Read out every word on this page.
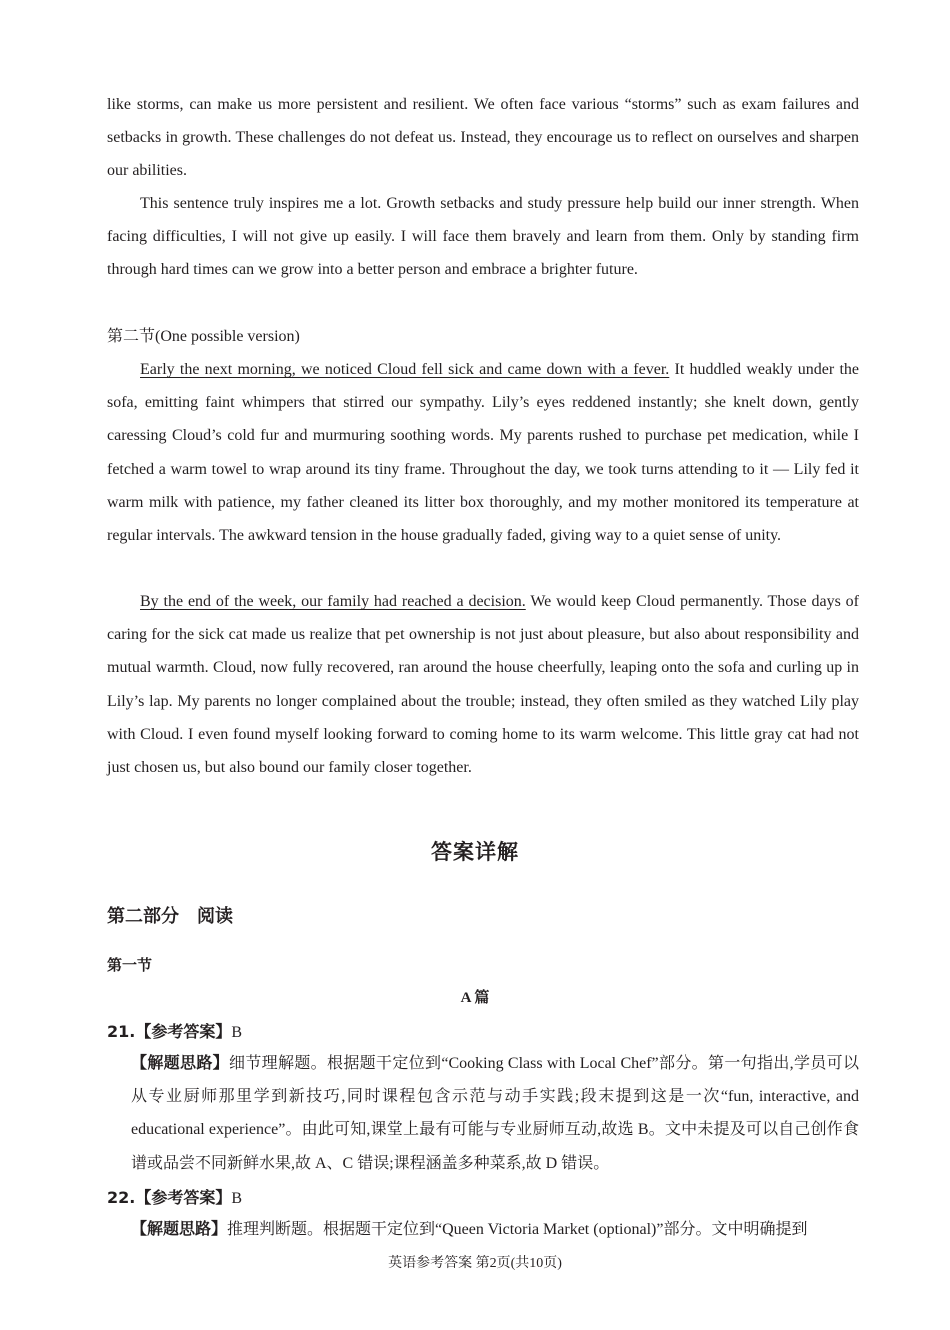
like storms, can make us more persistent and resilient. We often face various “storms” such as exam failures and setbacks in growth. These challenges do not defeat us. Instead, they encourage us to reflect on ourselves and sharpen our abilities.

This sentence truly inspires me a lot. Growth setbacks and study pressure help build our inner strength. When facing difficulties, I will not give up easily. I will face them bravely and learn from them. Only by standing firm through hard times can we grow into a better person and embrace a brighter future.

第二节(One possible version)

Early the next morning, we noticed Cloud fell sick and came down with a fever. It huddled weakly under the sofa, emitting faint whimpers that stirred our sympathy. Lily’s eyes reddened instantly; she knelt down, gently caressing Cloud’s cold fur and murmuring soothing words. My parents rushed to purchase pet medication, while I fetched a warm towel to wrap around its tiny frame. Throughout the day, we took turns attending to it — Lily fed it warm milk with patience, my father cleaned its litter box thoroughly, and my mother monitored its temperature at regular intervals. The awkward tension in the house gradually faded, giving way to a quiet sense of unity.

By the end of the week, our family had reached a decision. We would keep Cloud permanently. Those days of caring for the sick cat made us realize that pet ownership is not just about pleasure, but also about responsibility and mutual warmth. Cloud, now fully recovered, ran around the house cheerfully, leaping onto the sofa and curling up in Lily’s lap. My parents no longer complained about the trouble; instead, they often smiled as they watched Lily play with Cloud. I even found myself looking forward to coming home to its warm welcome. This little gray cat had not just chosen us, but also bound our family closer together.

答案详解
第二部分　阅读
第一节
A 篇
21.【参考答案】B

【解题思路】细节理解题。根据题干定位到“Cooking Class with Local Chef”部分。第一句指出,学员可以从专业厨师那里学到新技巧,同时课程包含示范与动手实践;段末提到这是一次“fun, interactive, and educational experience”。由此可知,课堂上最有可能与专业厨师互动,故选 B。文中未提及可以自己创作食谱或品尝不同新鲜水果,故 A、C 错误;课程涵盖多种菜系,故 D 错误。

22.【参考答案】B

【解题思路】推理判断题。根据题干定位到“Queen Victoria Market (optional)”部分。文中明确提到

英语参考答案 第2页(共10页)
